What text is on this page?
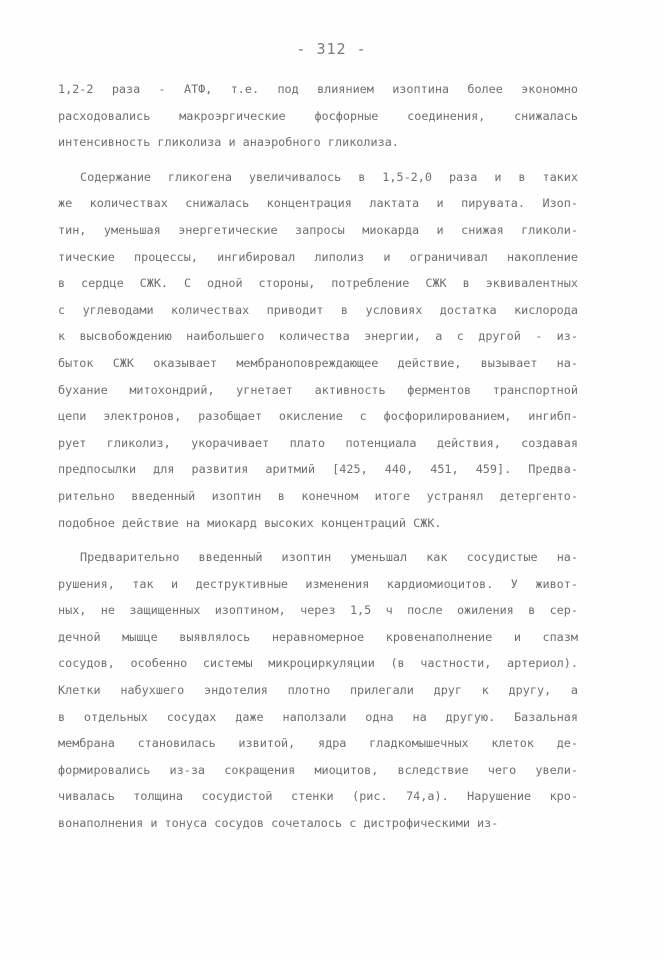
- 312 -
1,2-2 раза - АТФ, т.е. под влиянием изоптина более экономно
расходовались макроэргические фосфорные соединения, снижалась
интенсивность гликолиза и анаэробного гликолиза.
Содержание гликогена увеличивалось в 1,5-2,0 раза и в таких
же количествах снижалась концентрация лактата и пирувата. Изоп-
тин, уменьшая энергетические запросы миокарда и снижая гликоли-
тические процессы, ингибировал липолиз и ограничивал накопление
в сердце СЖК. С одной стороны, потребление СЖК в эквивалентных
с углеводами количествах приводит в условиях достатка кислорода
к высвобождению наибольшего количества энергии, а с другой - из-
быток СЖК оказывает мембраноповреждающее действие, вызывает на-
бухание митохондрий, угнетает активность ферментов транспортной
цепи электронов, разобщает окисление с фосфорилированием, ингибп-
рует гликолиз, укорачивает плато потенциала действия, создавая
предпосылки для развития аритмий [425, 440, 451, 459]. Предва-
рительно введенный изоптин в конечном итоге устранял детергенто-
подобное действие на миокард высоких концентраций СЖК.
Предварительно введенный изоптин уменьшал как сосудистые на-
рушения, так и деструктивные изменения кардиомиоцитов. У живот-
ных, не защищенных изоптином, через 1,5 ч после ожиления в сер-
дечной мышце выявлялось неравномерное кровенаполнение и спазм
сосудов, особенно системы микроциркуляции (в частности, артериол).
Клетки набухшего эндотелия плотно прилегали друг к другу, а
в отдельных сосудах даже наползали одна на другую. Базальная
мембрана становилась извитой, ядра гладкомышечных клеток де-
формировались из-за сокращения миоцитов, вследствие чего увели-
чивалась толщина сосудистой стенки (рис. 74,а). Нарушение кро-
вонаполнения и тонуса сосудов сочеталось с дистрофическими из-
